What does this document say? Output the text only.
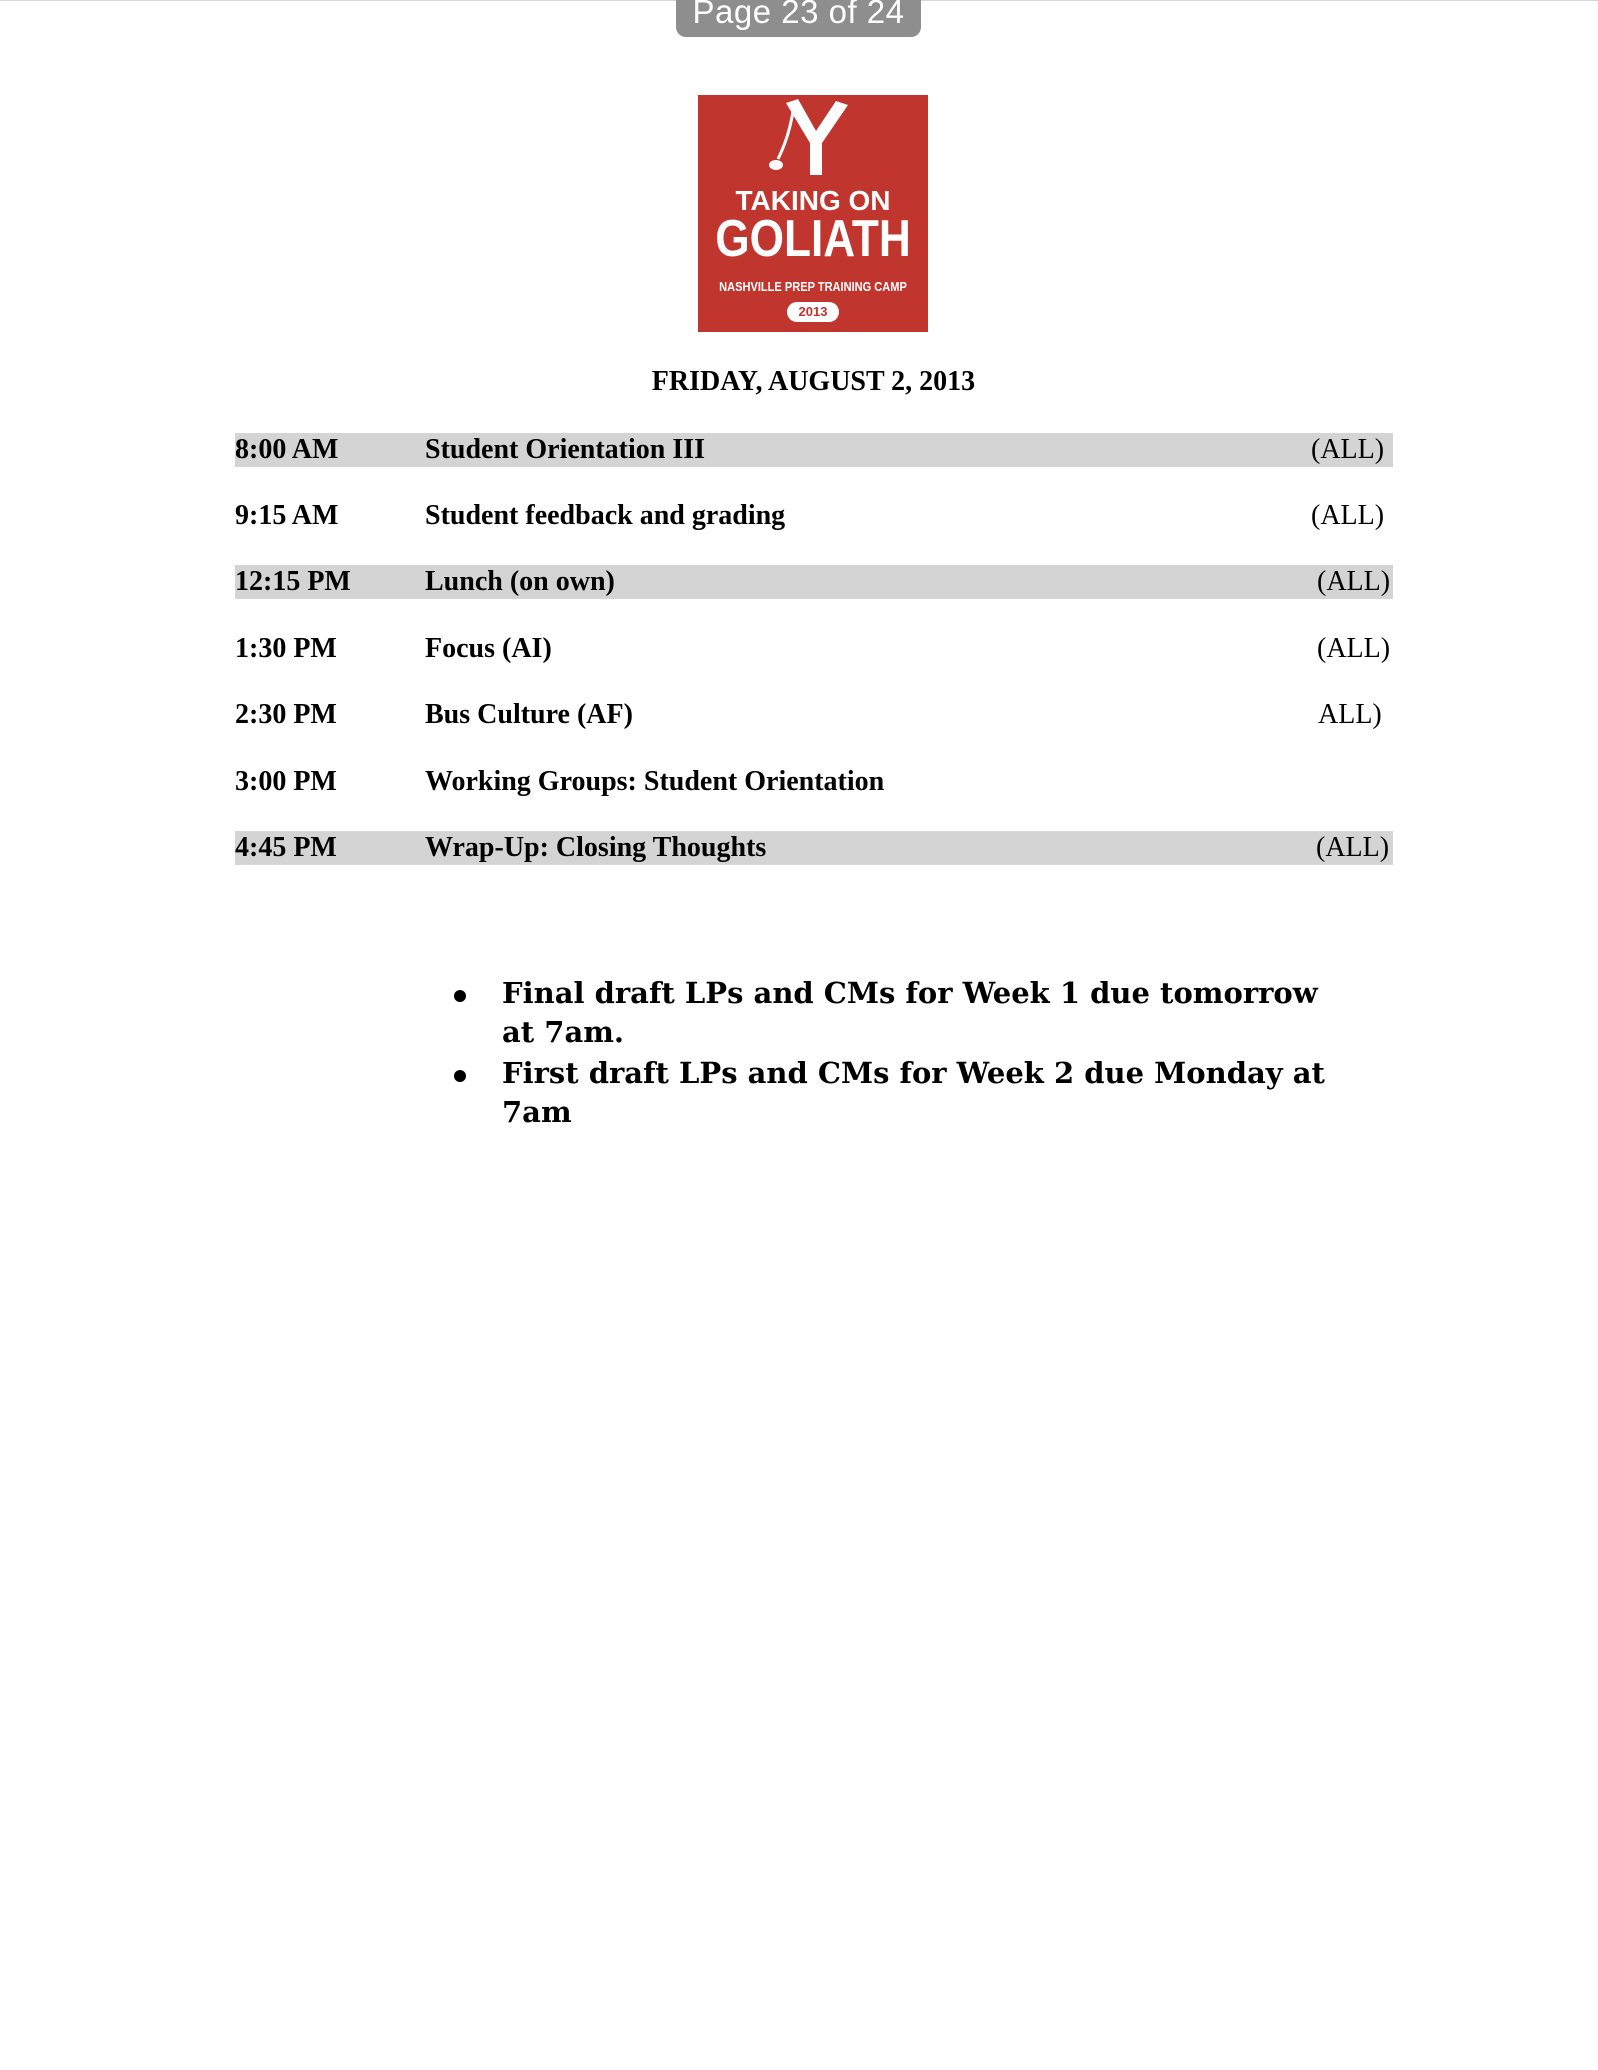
Page 23 of 24
TAKING ON
GOLIATH
NASHVILLE PREP TRAINING CAMP
2013
FRIDAY, AUGUST 2, 2013
8:00 AM	Student Orientation III	(ALL)
9:15 AM	Student feedback and grading	(ALL)
12:15 PM	Lunch (on own)	(ALL)
1:30 PM	Focus (AI)	(ALL)
2:30 PM	Bus Culture (AF)	ALL)
3:00 PM	Working Groups: Student Orientation
4:45 PM	Wrap-Up: Closing Thoughts	(ALL)
Final draft LPs and CMs for Week 1 due tomorrow at 7am.
First draft LPs and CMs for Week 2 due Monday at 7am
